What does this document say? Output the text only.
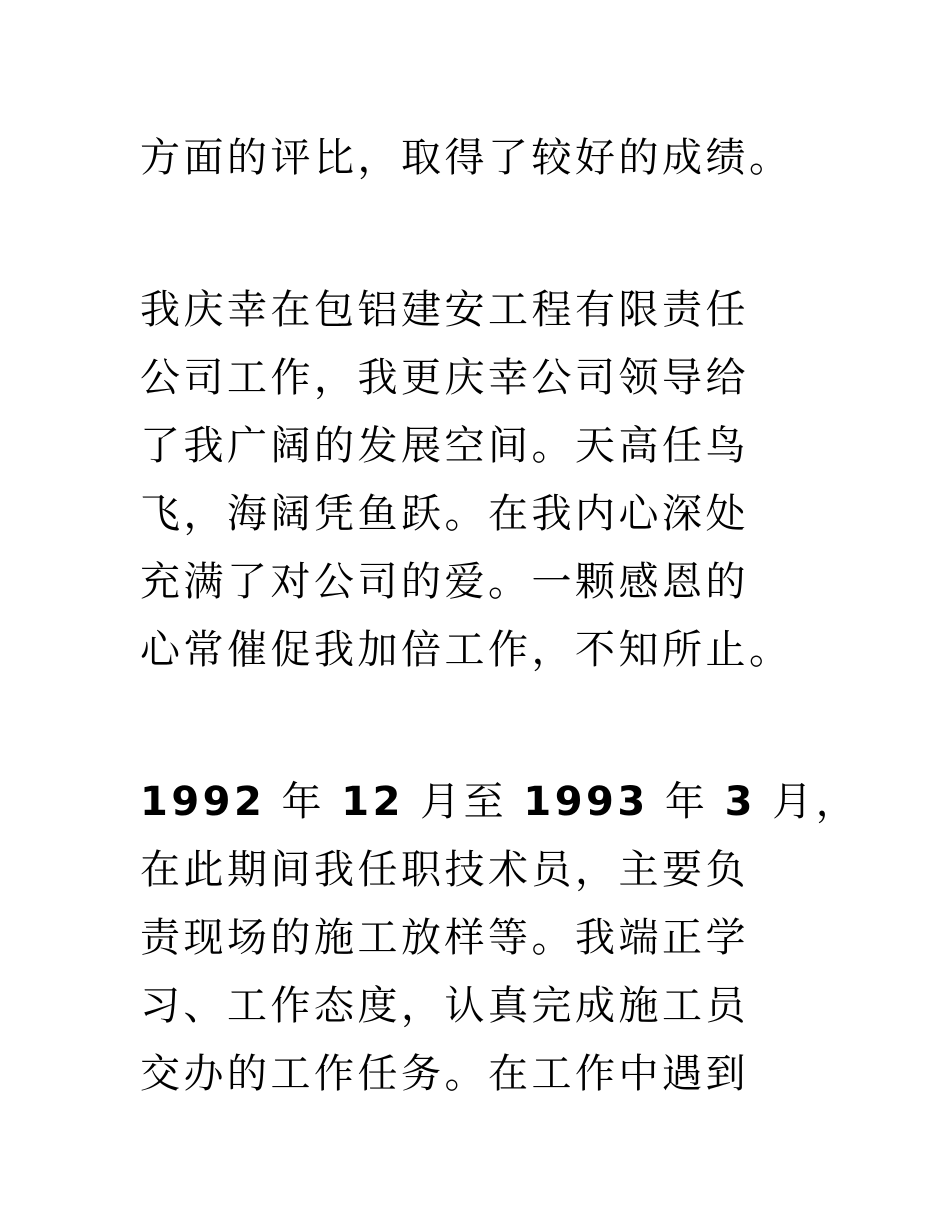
方面的评比，取得了较好的成绩。

我庆幸在包铝建安工程有限责任

公司工作，我更庆幸公司领导给

了我广阔的发展空间。天高任鸟

飞，海阔凭鱼跃。在我内心深处

充满了对公司的爱。一颗感恩的

心常催促我加倍工作，不知所止。

1992 年 12 月至 1993 年 3 月，

在此期间我任职技术员，主要负

责现场的施工放样等。我端正学

习、工作态度，认真完成施工员

交办的工作任务。在工作中遇到
